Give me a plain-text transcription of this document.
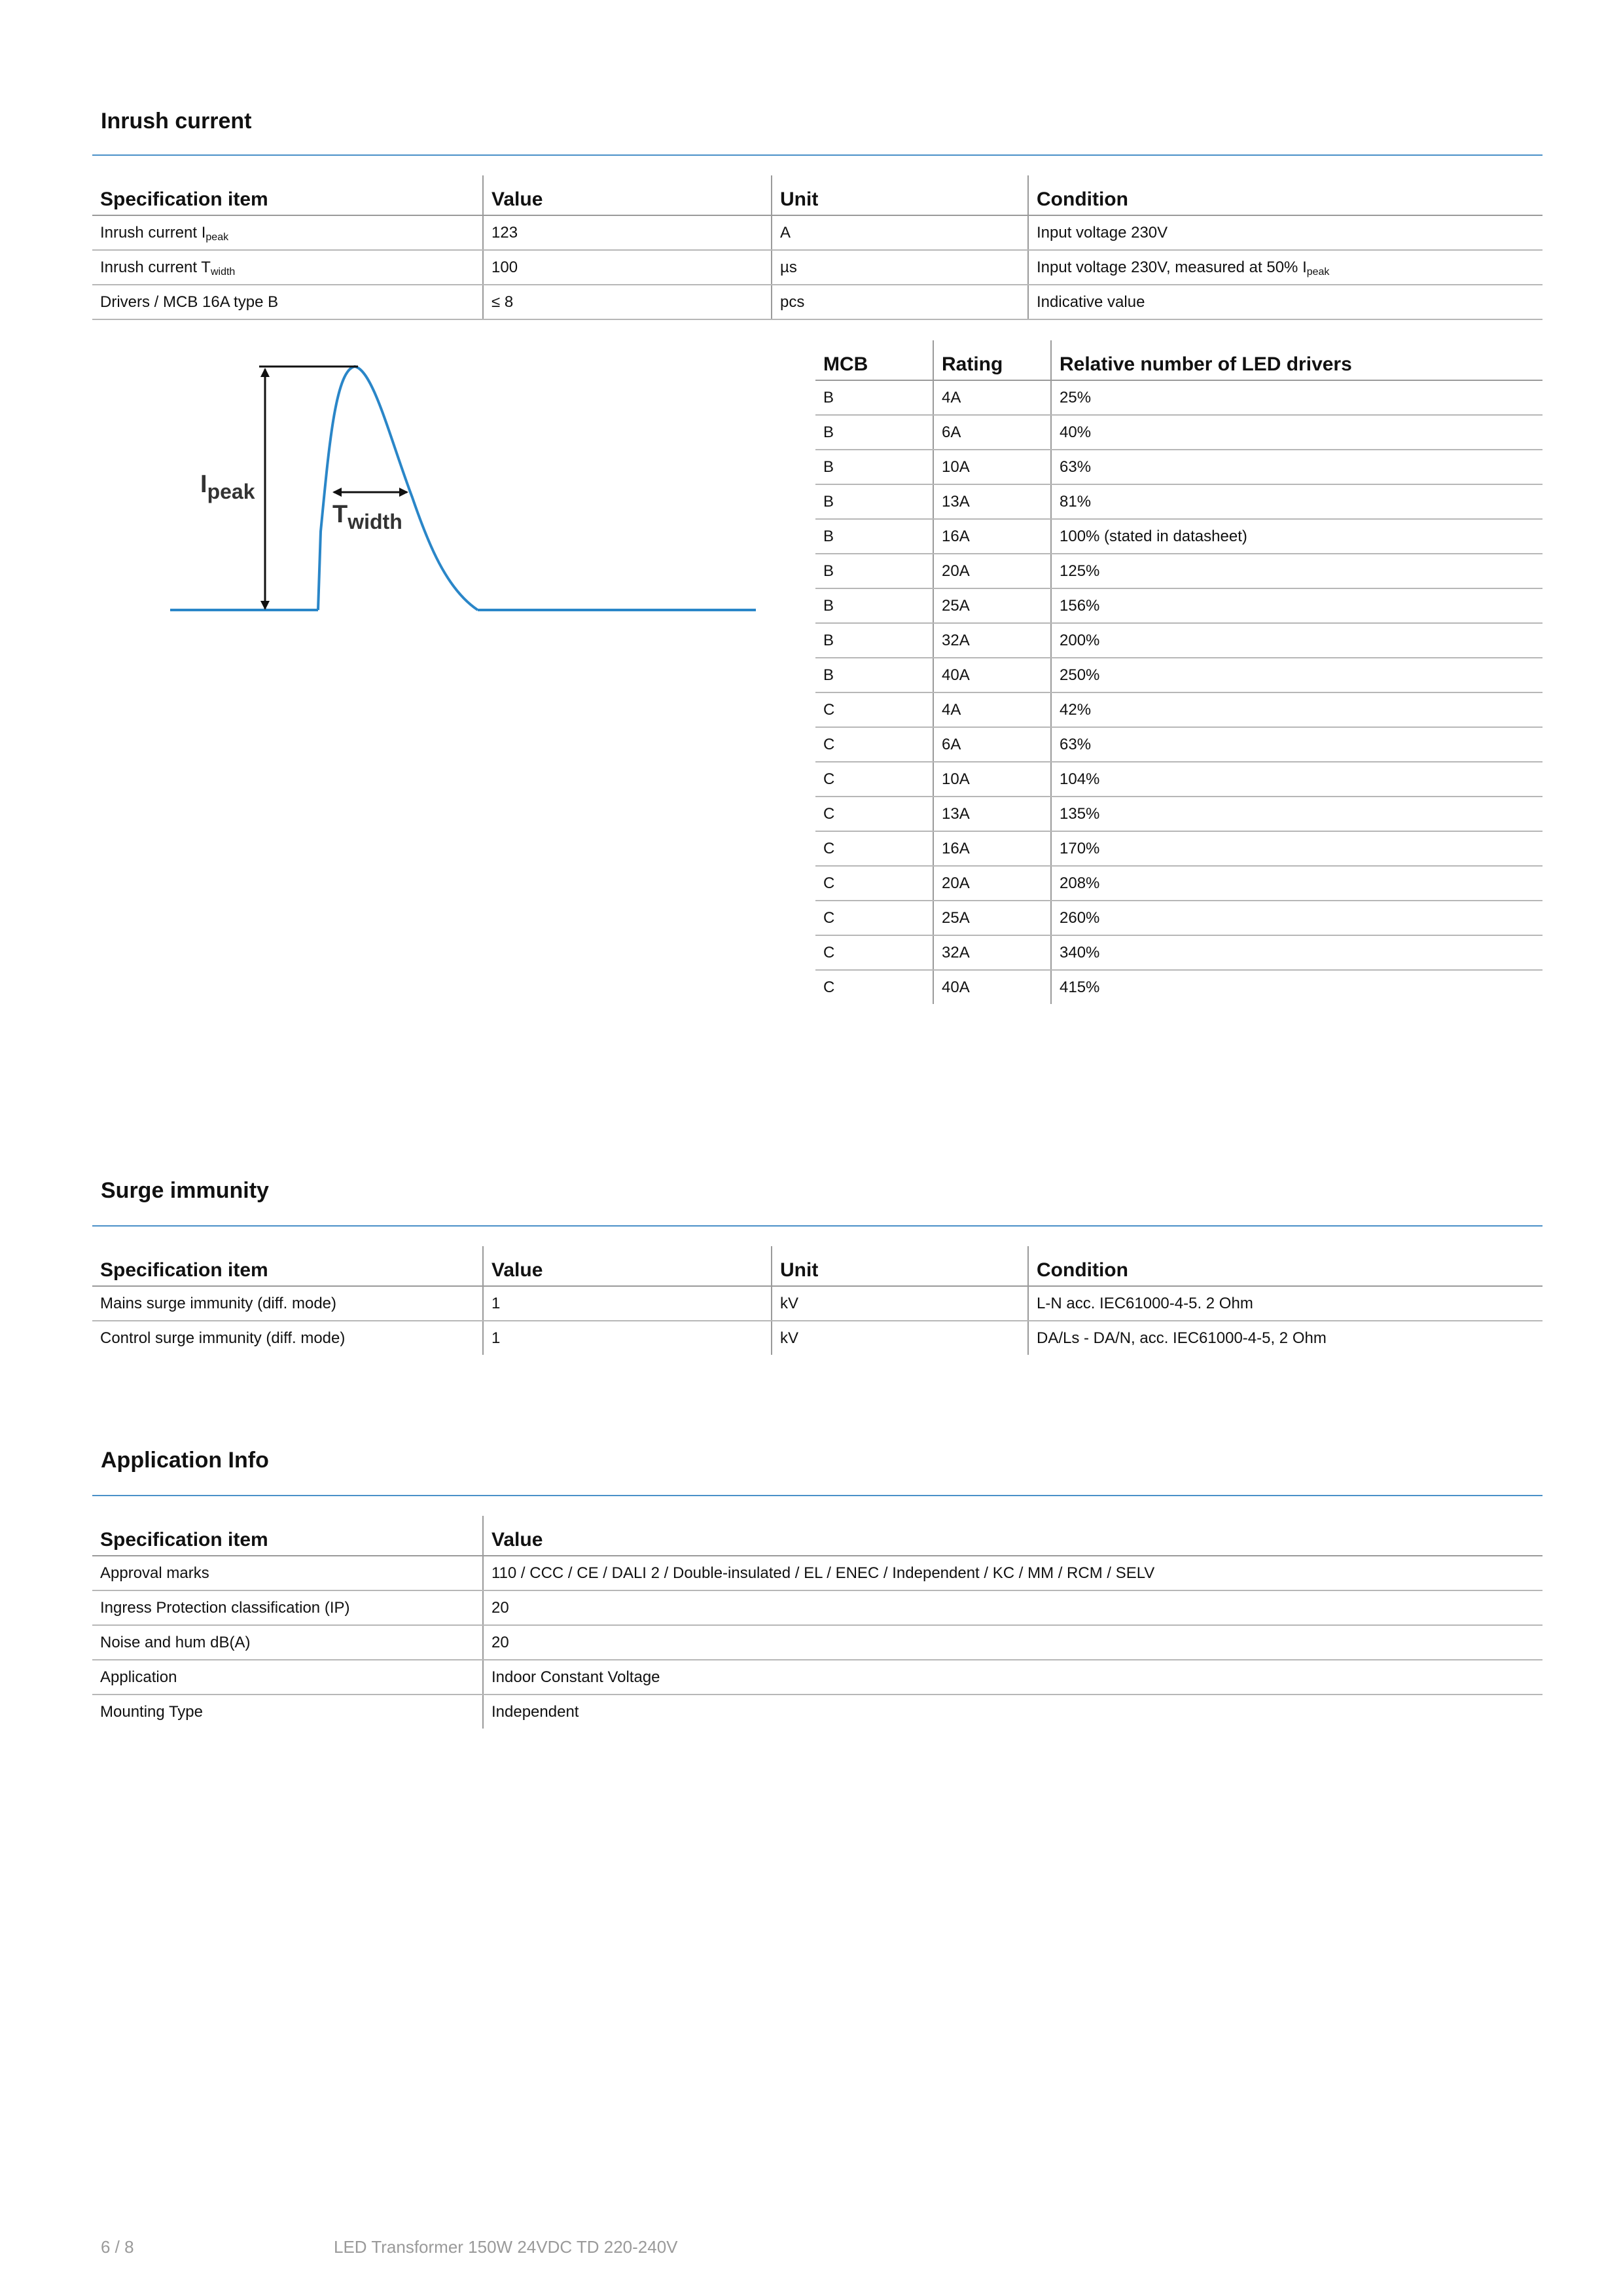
Inrush current
Specification item	Value	Unit	Condition
Inrush current $I_{peak}$	123	A	Input voltage 230V
Inrush current $T_{width}$	100	µs	Input voltage 230V, measured at 50% $I_{peak}$
Drivers / MCB 16A type B	≤ 8	pcs	Indicative value
Ipeak
Twidth
MCB	Rating	Relative number of LED drivers
B	4A	25%
B	6A	40%
B	10A	63%
B	13A	81%
B	16A	100% (stated in datasheet)
B	20A	125%
B	25A	156%
B	32A	200%
B	40A	250%
C	4A	42%
C	6A	63%
C	10A	104%
C	13A	135%
C	16A	170%
C	20A	208%
C	25A	260%
C	32A	340%
C	40A	415%
Surge immunity
Specification item	Value	Unit	Condition
Mains surge immunity (diff. mode)	1	kV	L-N acc. IEC61000-4-5. 2 Ohm
Control surge immunity (diff. mode)	1	kV	DA/Ls - DA/N, acc. IEC61000-4-5, 2 Ohm
Application Info
Specification item	Value
Approval marks	110 / CCC / CE / DALI 2 / Double-insulated / EL / ENEC / Independent / KC / MM / RCM / SELV
Ingress Protection classification (IP)	20
Noise and hum dB(A)	20
Application	Indoor Constant Voltage
Mounting Type	Independent
6 / 8	LED Transformer 150W 24VDC TD 220-240V
